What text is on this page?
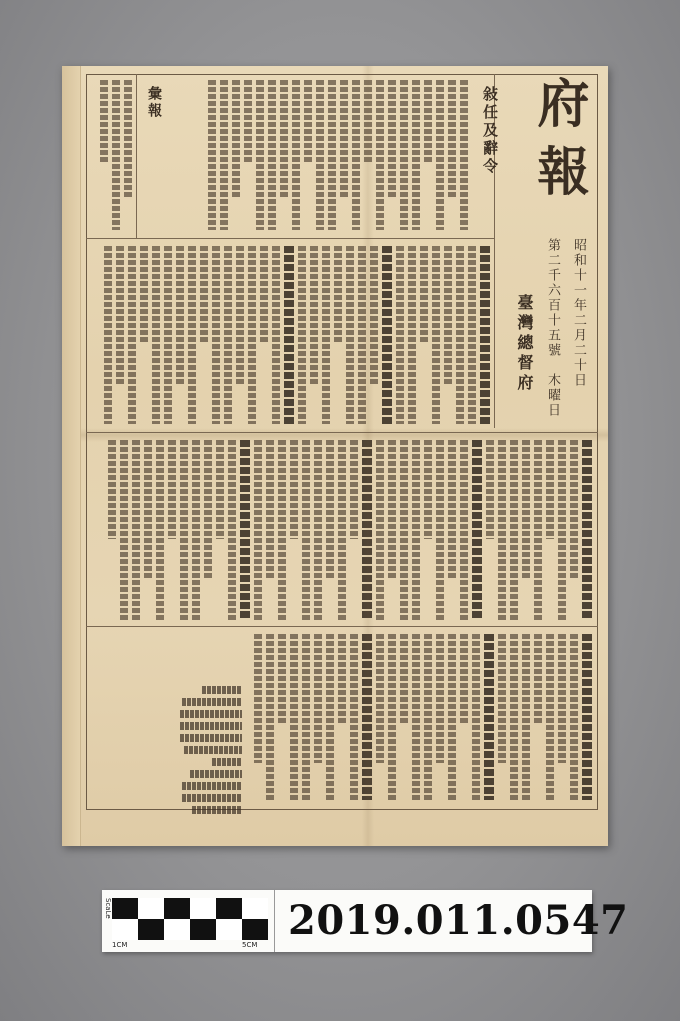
府報
昭和十一年二月二十日
第二千六百十五號　木曜日
臺灣總督府
敍任及辭令
彙報
ScaLe
1CM	5CM
2019.011.0547
